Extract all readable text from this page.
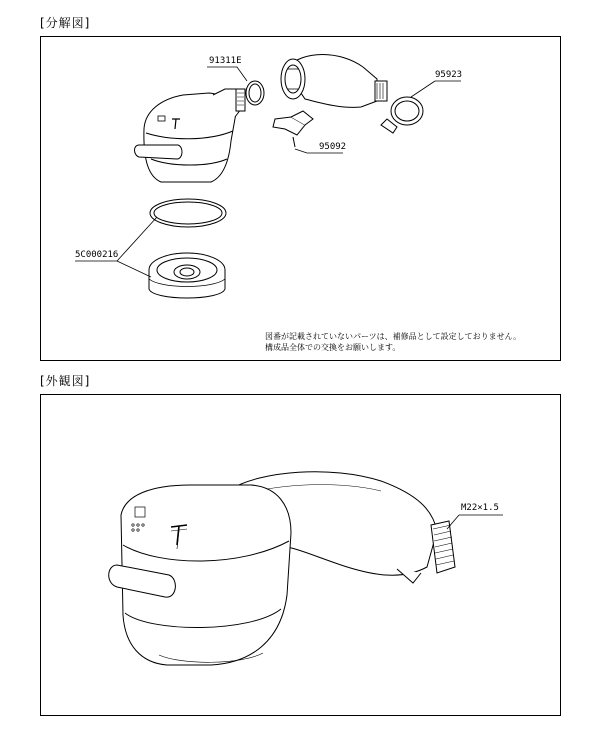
[分解図]
91311E
95923
95092
5C000216
図番が記載されていないパーツは、補修品として設定しておりません。
構成品全体での交換をお願いします。
[外観図]
M22×1.5
